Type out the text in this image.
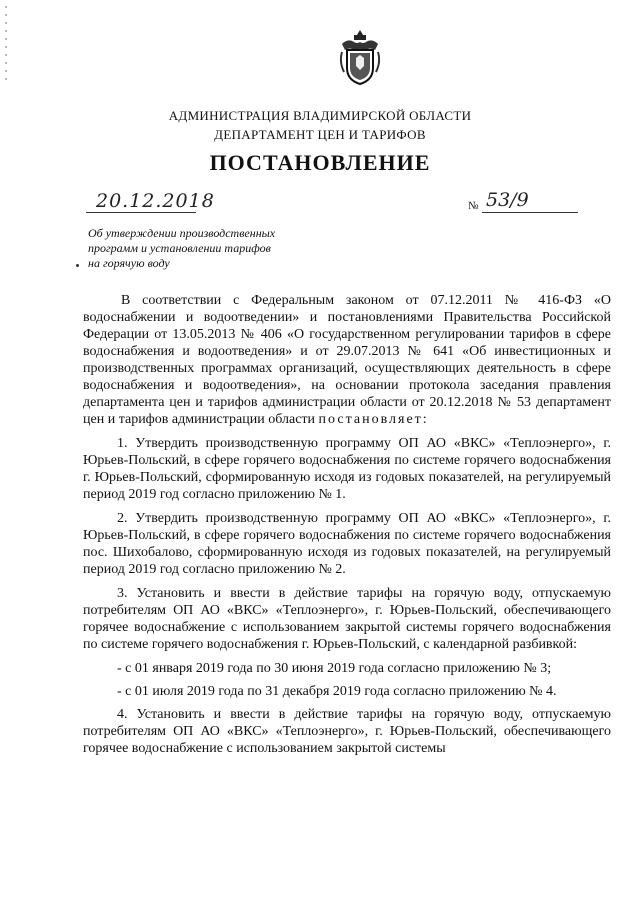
АДМИНИСТРАЦИЯ ВЛАДИМИРСКОЙ ОБЛАСТИ
ДЕПАРТАМЕНТ ЦЕН И ТАРИФОВ
ПОСТАНОВЛЕНИЕ
20.12.2018	№ 53/9
Об утверждении производственных
программ и установлении тарифов
на горячую воду

В соответствии с Федеральным законом от 07.12.2011 № 416-ФЗ «О водоснабжении и водоотведении» и постановлениями Правительства Российской Федерации от 13.05.2013 № 406 «О государственном регулировании тарифов в сфере водоснабжения и водоотведения» и от 29.07.2013 № 641 «Об инвестиционных и производственных программах организаций, осуществляющих деятельность в сфере водоснабжения и водоотведения», на основании протокола заседания правления департамента цен и тарифов администрации области от 20.12.2018 № 53 департамент цен и тарифов администрации области постановляет:

1. Утвердить производственную программу ОП АО «ВКС» «Теплоэнерго», г. Юрьев-Польский, в сфере горячего водоснабжения по системе горячего водоснабжения г. Юрьев-Польский, сформированную исходя из годовых показателей, на регулируемый период 2019 год согласно приложению № 1.

2. Утвердить производственную программу ОП АО «ВКС» «Теплоэнерго», г. Юрьев-Польский, в сфере горячего водоснабжения по системе горячего водоснабжения пос. Шихобалово, сформированную исходя из годовых показателей, на регулируемый период 2019 год согласно приложению № 2.

3. Установить и ввести в действие тарифы на горячую воду, отпускаемую потребителям ОП АО «ВКС» «Теплоэнерго», г. Юрьев-Польский, обеспечивающего горячее водоснабжение с использованием закрытой системы горячего водоснабжения по системе горячего водоснабжения г. Юрьев-Польский, с календарной разбивкой:

- с 01 января 2019 года по 30 июня 2019 года согласно приложению № 3;

- с 01 июля 2019 года по 31 декабря 2019 года согласно приложению № 4.

4. Установить и ввести в действие тарифы на горячую воду, отпускаемую потребителям ОП АО «ВКС» «Теплоэнерго», г. Юрьев-Польский, обеспечивающего горячее водоснабжение с использованием закрытой системы
